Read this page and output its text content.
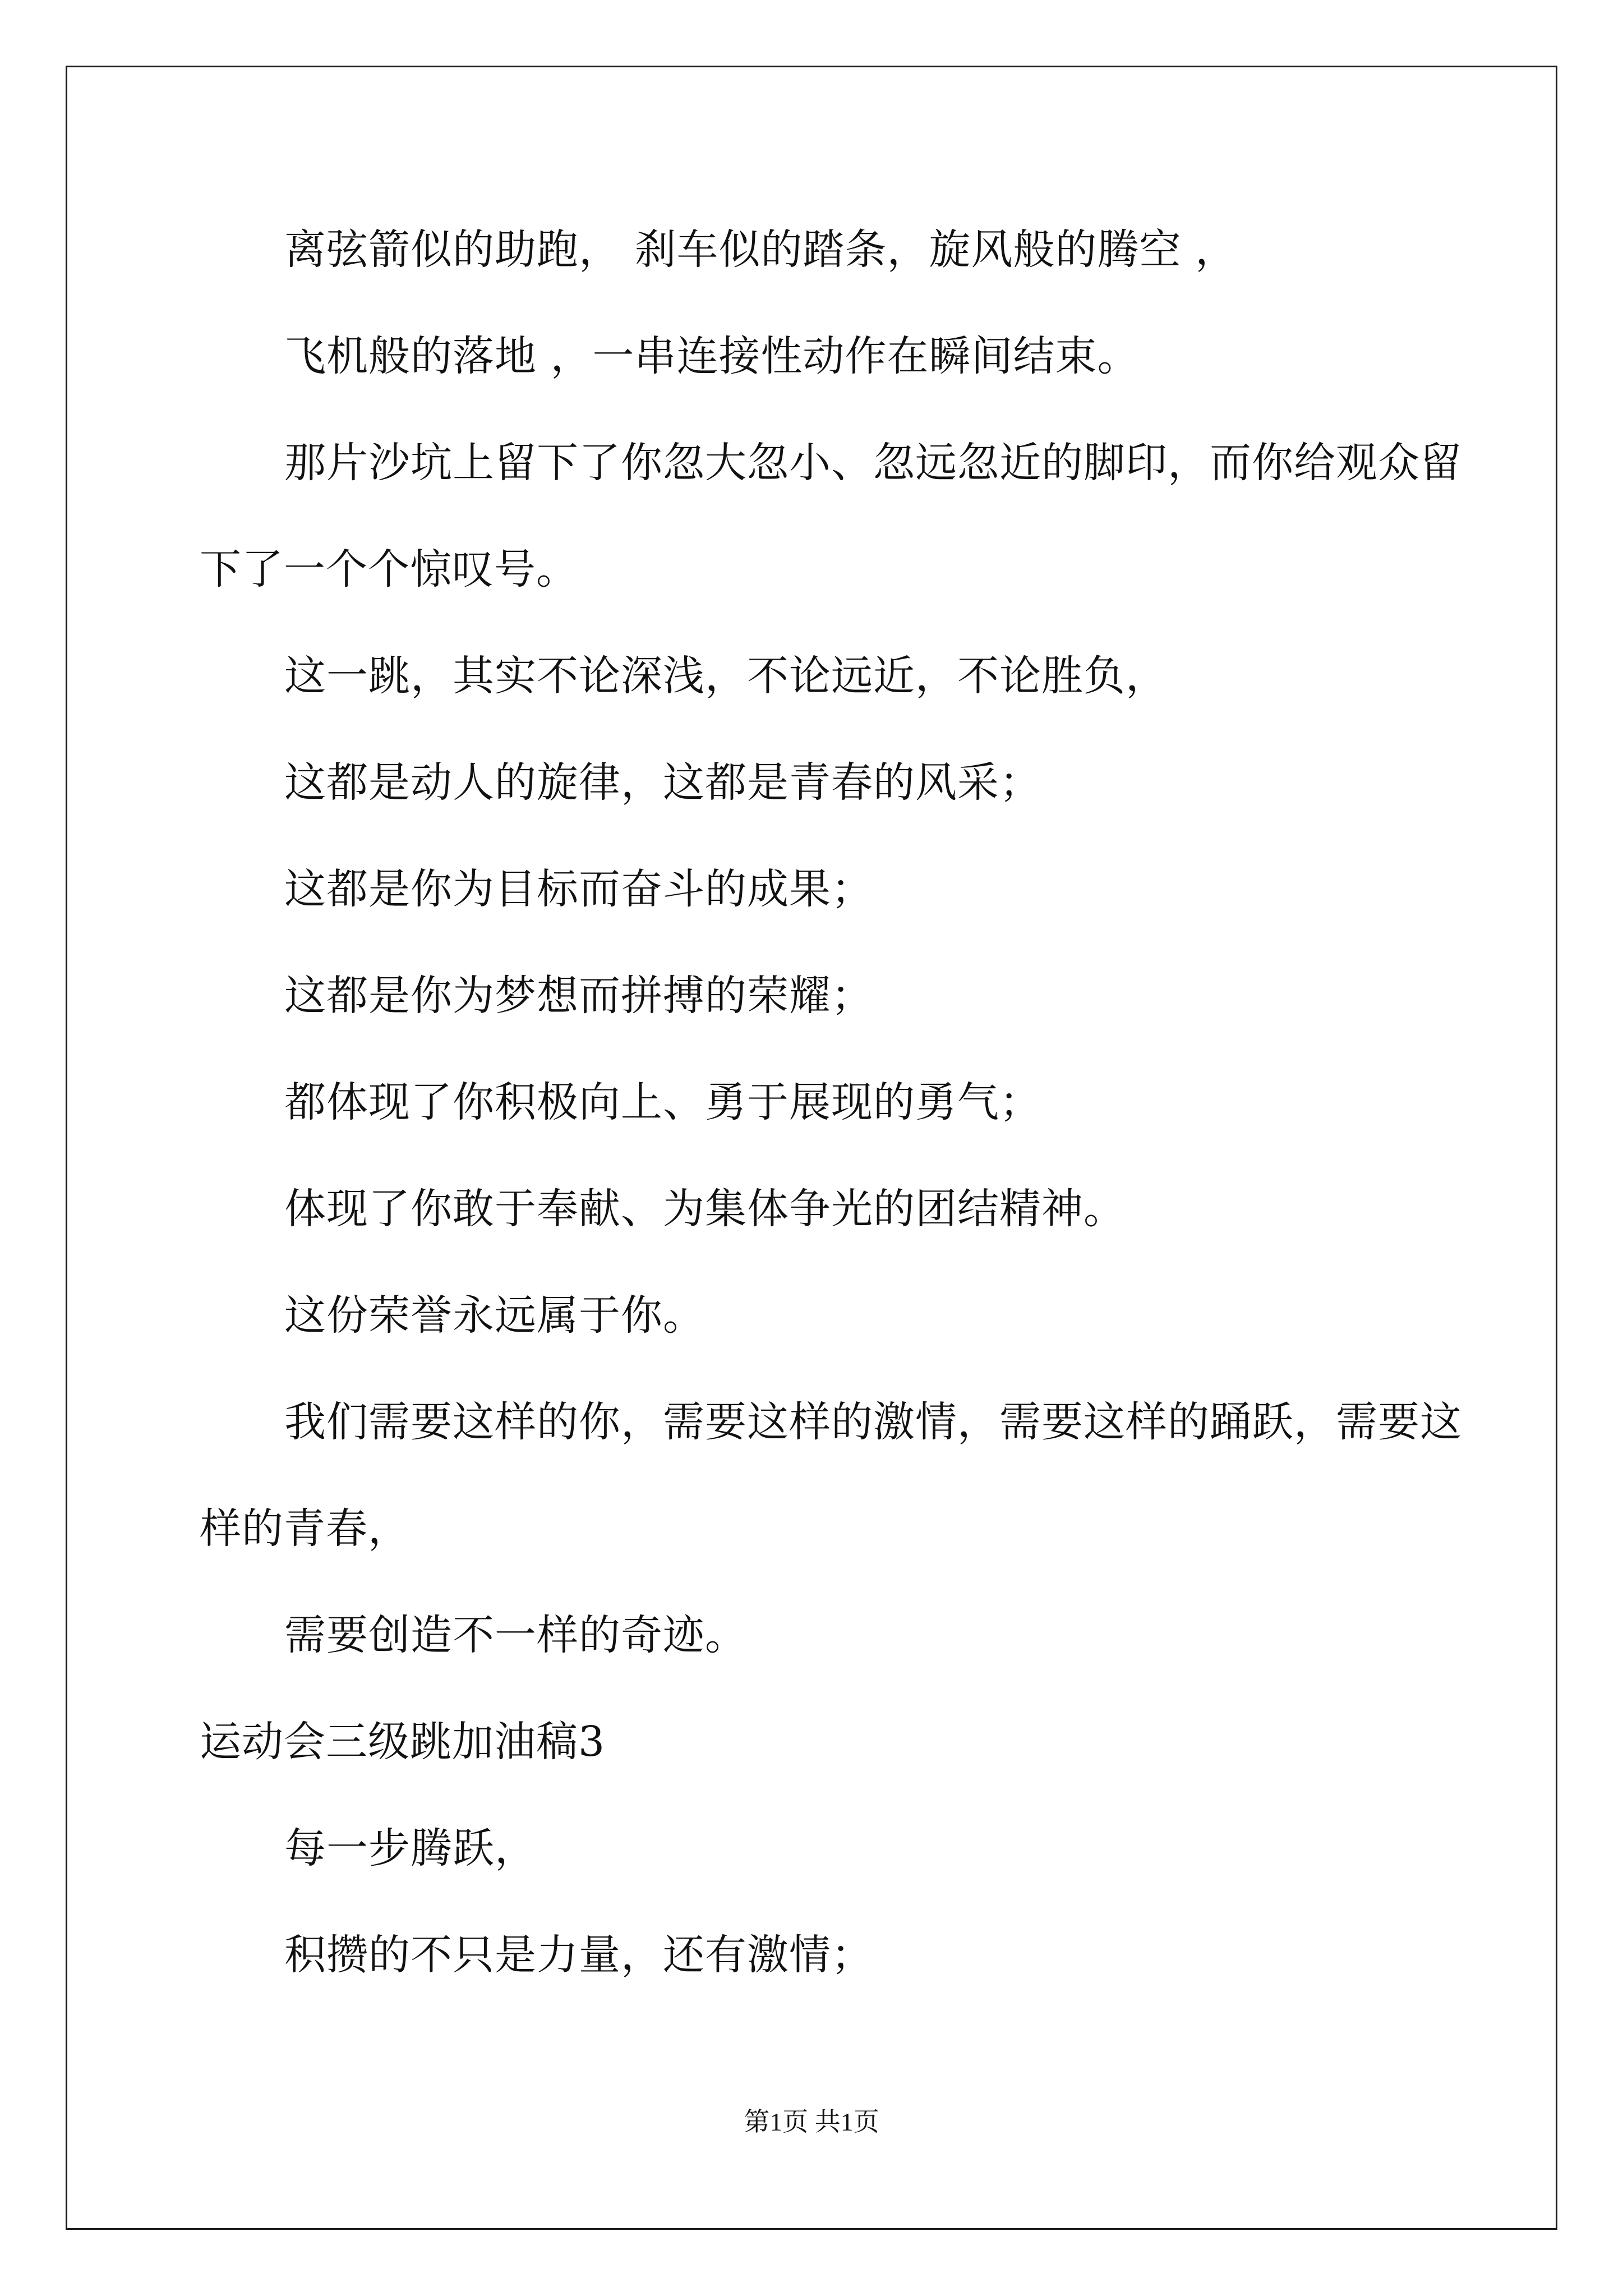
离弦箭似的助跑， 刹车似的踏条，旋风般的腾空 ，
飞机般的落地 ，一串连接性动作在瞬间结束。
那片沙坑上留下了你忽大忽小、忽远忽近的脚印，而你给观众留
下了一个个惊叹号。
这一跳，其实不论深浅，不论远近，不论胜负，
这都是动人的旋律，这都是青春的风采；
这都是你为目标而奋斗的成果；
这都是你为梦想而拼搏的荣耀；
都体现了你积极向上、勇于展现的勇气；
体现了你敢于奉献、为集体争光的团结精神。
这份荣誉永远属于你。
我们需要这样的你，需要这样的激情，需要这样的踊跃，需要这
样的青春，
需要创造不一样的奇迹。
运动会三级跳加油稿3
每一步腾跃，
积攒的不只是力量，还有激情；
第1页 共1页
